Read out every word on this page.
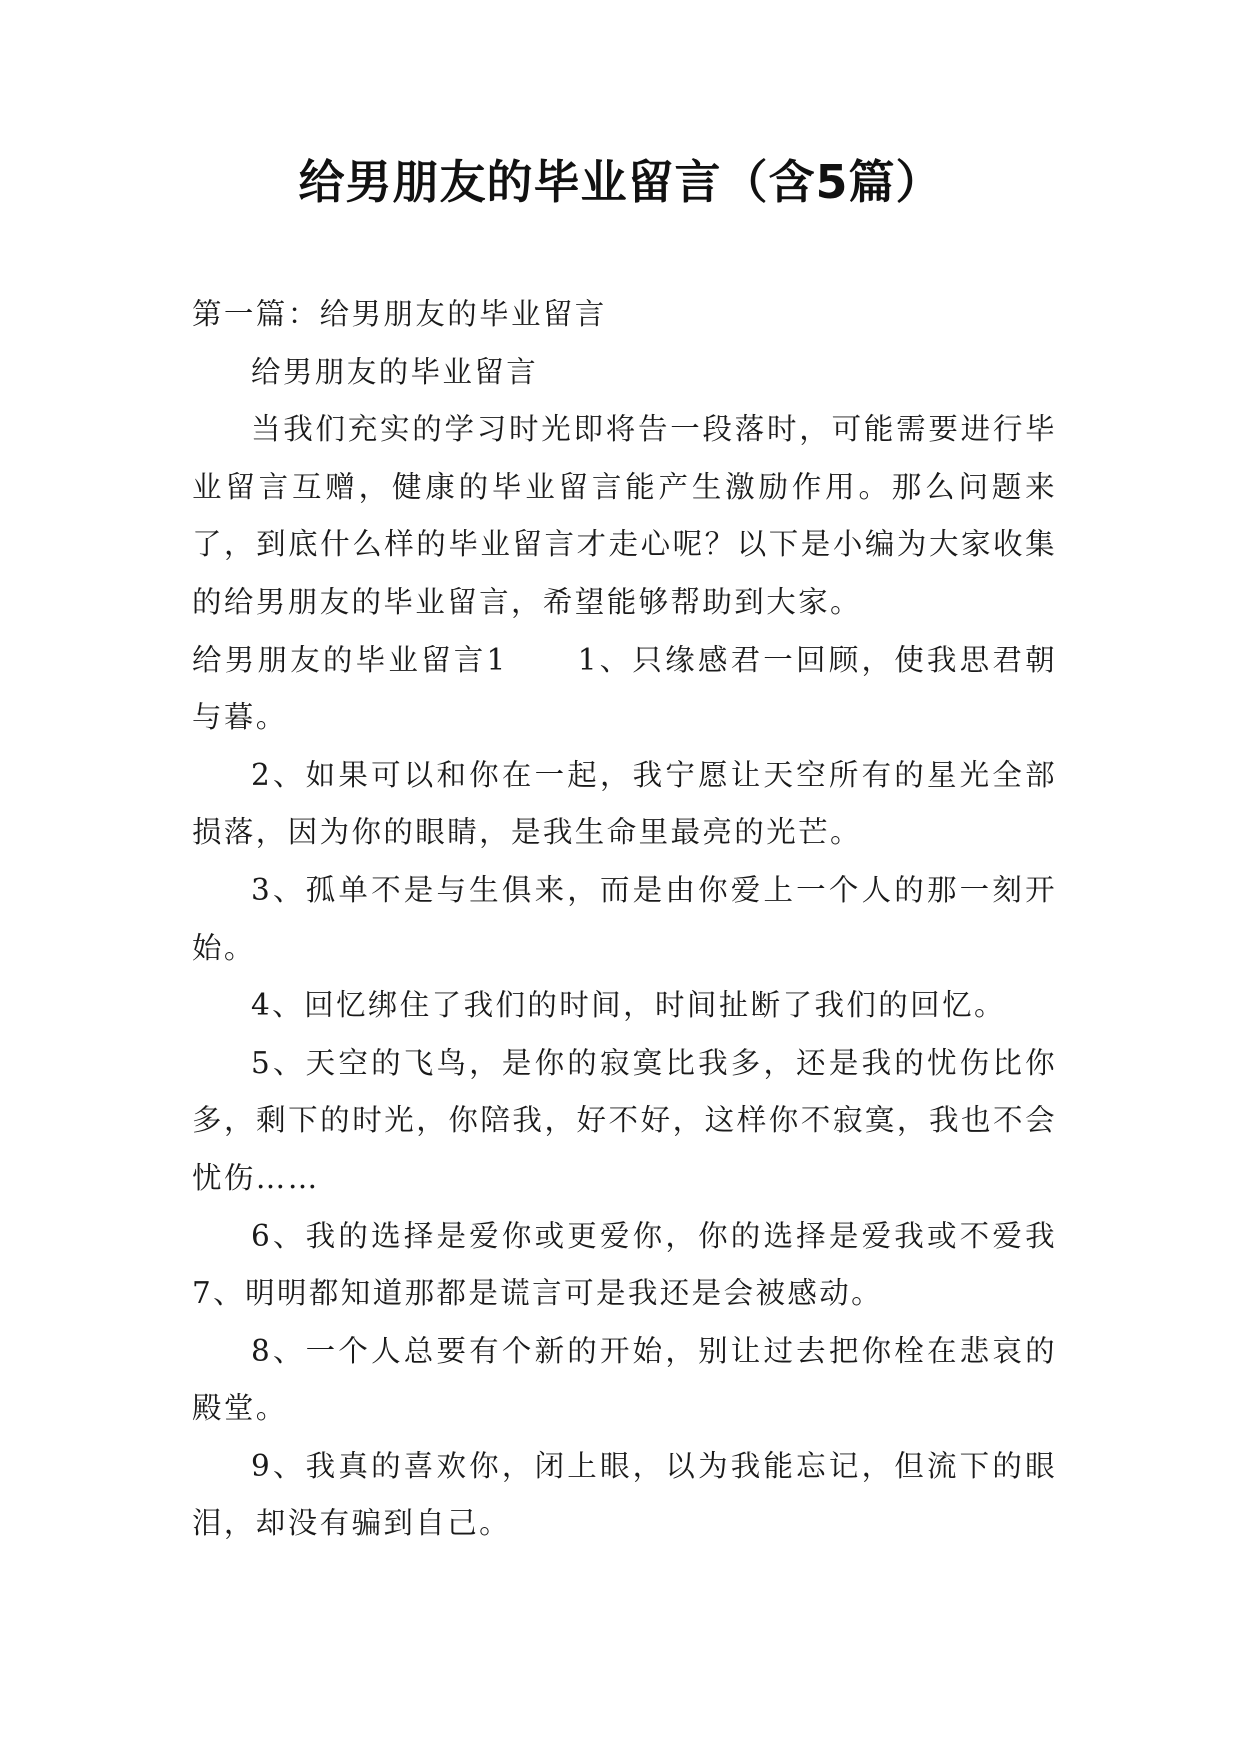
给男朋友的毕业留言（含5篇）

第一篇：给男朋友的毕业留言

给男朋友的毕业留言

当我们充实的学习时光即将告一段落时，可能需要进行毕业留言互赠，健康的毕业留言能产生激励作用。那么问题来了，到底什么样的毕业留言才走心呢？以下是小编为大家收集的给男朋友的毕业留言，希望能够帮助到大家。

给男朋友的毕业留言1 1、只缘感君一回顾，使我思君朝与暮。

2、如果可以和你在一起，我宁愿让天空所有的星光全部损落，因为你的眼睛，是我生命里最亮的光芒。

3、孤单不是与生俱来，而是由你爱上一个人的那一刻开始。

4、回忆绑住了我们的时间，时间扯断了我们的回忆。

5、天空的飞鸟，是你的寂寞比我多，还是我的忧伤比你多，剩下的时光，你陪我，好不好，这样你不寂寞，我也不会忧伤……

6、我的选择是爱你或更爱你，你的选择是爱我或不爱我7、明明都知道那都是谎言可是我还是会被感动。

8、一个人总要有个新的开始，别让过去把你栓在悲哀的殿堂。

9、我真的喜欢你，闭上眼，以为我能忘记，但流下的眼泪，却没有骗到自己。
